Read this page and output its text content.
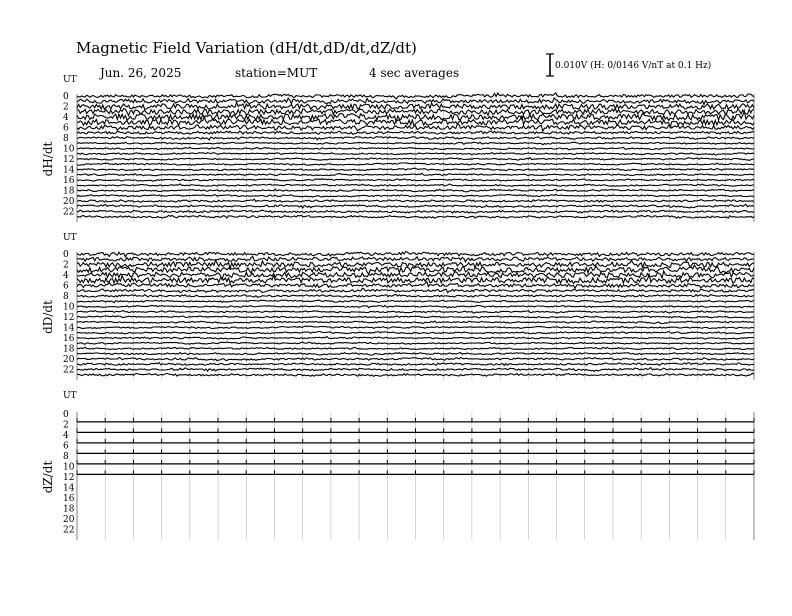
Magnetic Field Variation (dH/dt,dD/dt,dZ/dt)
Jun. 26, 2025	station=MUT	4 sec averages	0.010V (H: 0/0146 V/nT at 0.1 Hz)
UT
dH/dt
0
2
4
6
8
10
12
14
16
18
20
22
UT
dD/dt
0
2
4
6
8
10
12
14
16
18
20
22
UT
dZ/dt
0
2
4
6
8
10
12
14
16
18
20
22
